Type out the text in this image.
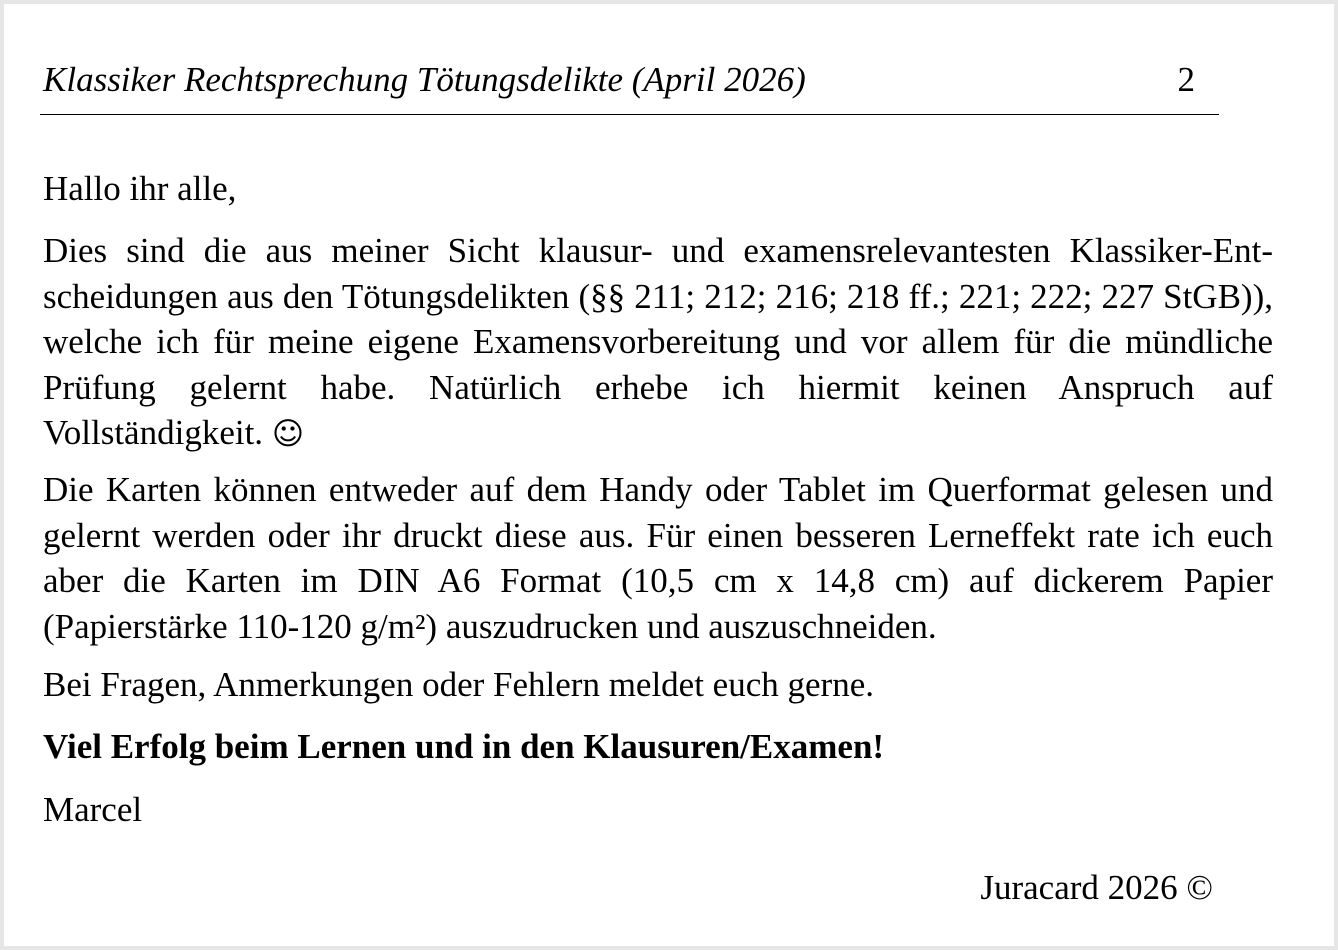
Klassiker Rechtsprechung Tötungsdelikte (April 2026)	2

Hallo ihr alle,

Dies sind die aus meiner Sicht klausur- und examensrelevantesten Klassiker-Ent-scheidungen aus den Tötungsdelikten (§§ 211; 212; 216; 218 ff.; 221; 222; 227 StGB)), welche ich für meine eigene Examensvorbereitung und vor allem für die mündliche Prüfung gelernt habe. Natürlich erhebe ich hiermit keinen Anspruch auf Vollständigkeit. ☺

Die Karten können entweder auf dem Handy oder Tablet im Querformat gelesen und gelernt werden oder ihr druckt diese aus. Für einen besseren Lerneffekt rate ich euch aber die Karten im DIN A6 Format (10,5 cm x 14,8 cm) auf dickerem Papier (Papierstärke 110-120 g/m²) auszudrucken und auszuschneiden.

Bei Fragen, Anmerkungen oder Fehlern meldet euch gerne.

Viel Erfolg beim Lernen und in den Klausuren/Examen!

Marcel

Juracard 2026 ©
